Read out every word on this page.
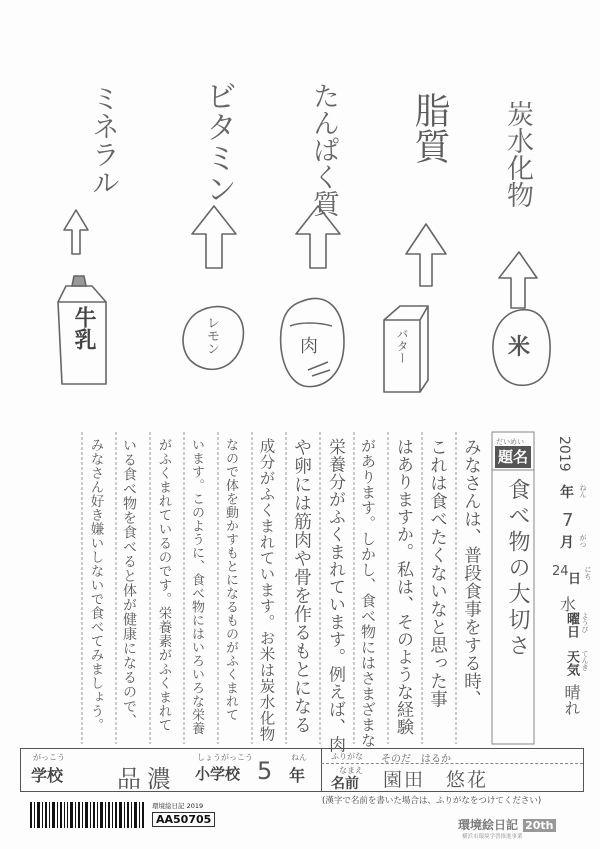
炭水化物
脂質
たんぱく質
ビタミン
ミネラル
米
バター
肉
レモン
牛乳
だいめい
題名
食べ物の大切さ
2019
年 ねん
7
月 がつ
24
日 にち
水
曜日 ようび
天気 てんき
晴れ
みなさんは、普段食事をする時、
これは食べたくないなと思った事
はありますか。私は、そのような経験
があります。しかし、食べ物にはさまざまな
栄養分がふくまれています。例えば、肉
や卵には筋肉や骨を作るもとになる
成分がふくまれています。お米は炭水化物
なので体を動かすもとになるものがふくまれて
います。このように、食べ物にはいろいろな栄養
がふくまれているのです。栄養素がふくまれて
いる食べ物を食べると体が健康になるので、
みなさん好き嫌いしないで食べてみましょう。
がっこう
学校 品濃
しょうがっこう
小学校 5 ねん
年
ふりがな そのだ　はるか
なまえ
名前 園田　悠花
(漢字で名前を書いた場合は、ふりがなをつけてください)
環境絵日記 2019
AA50705	環境絵日記 20th
横浜市環境学習推進事業
